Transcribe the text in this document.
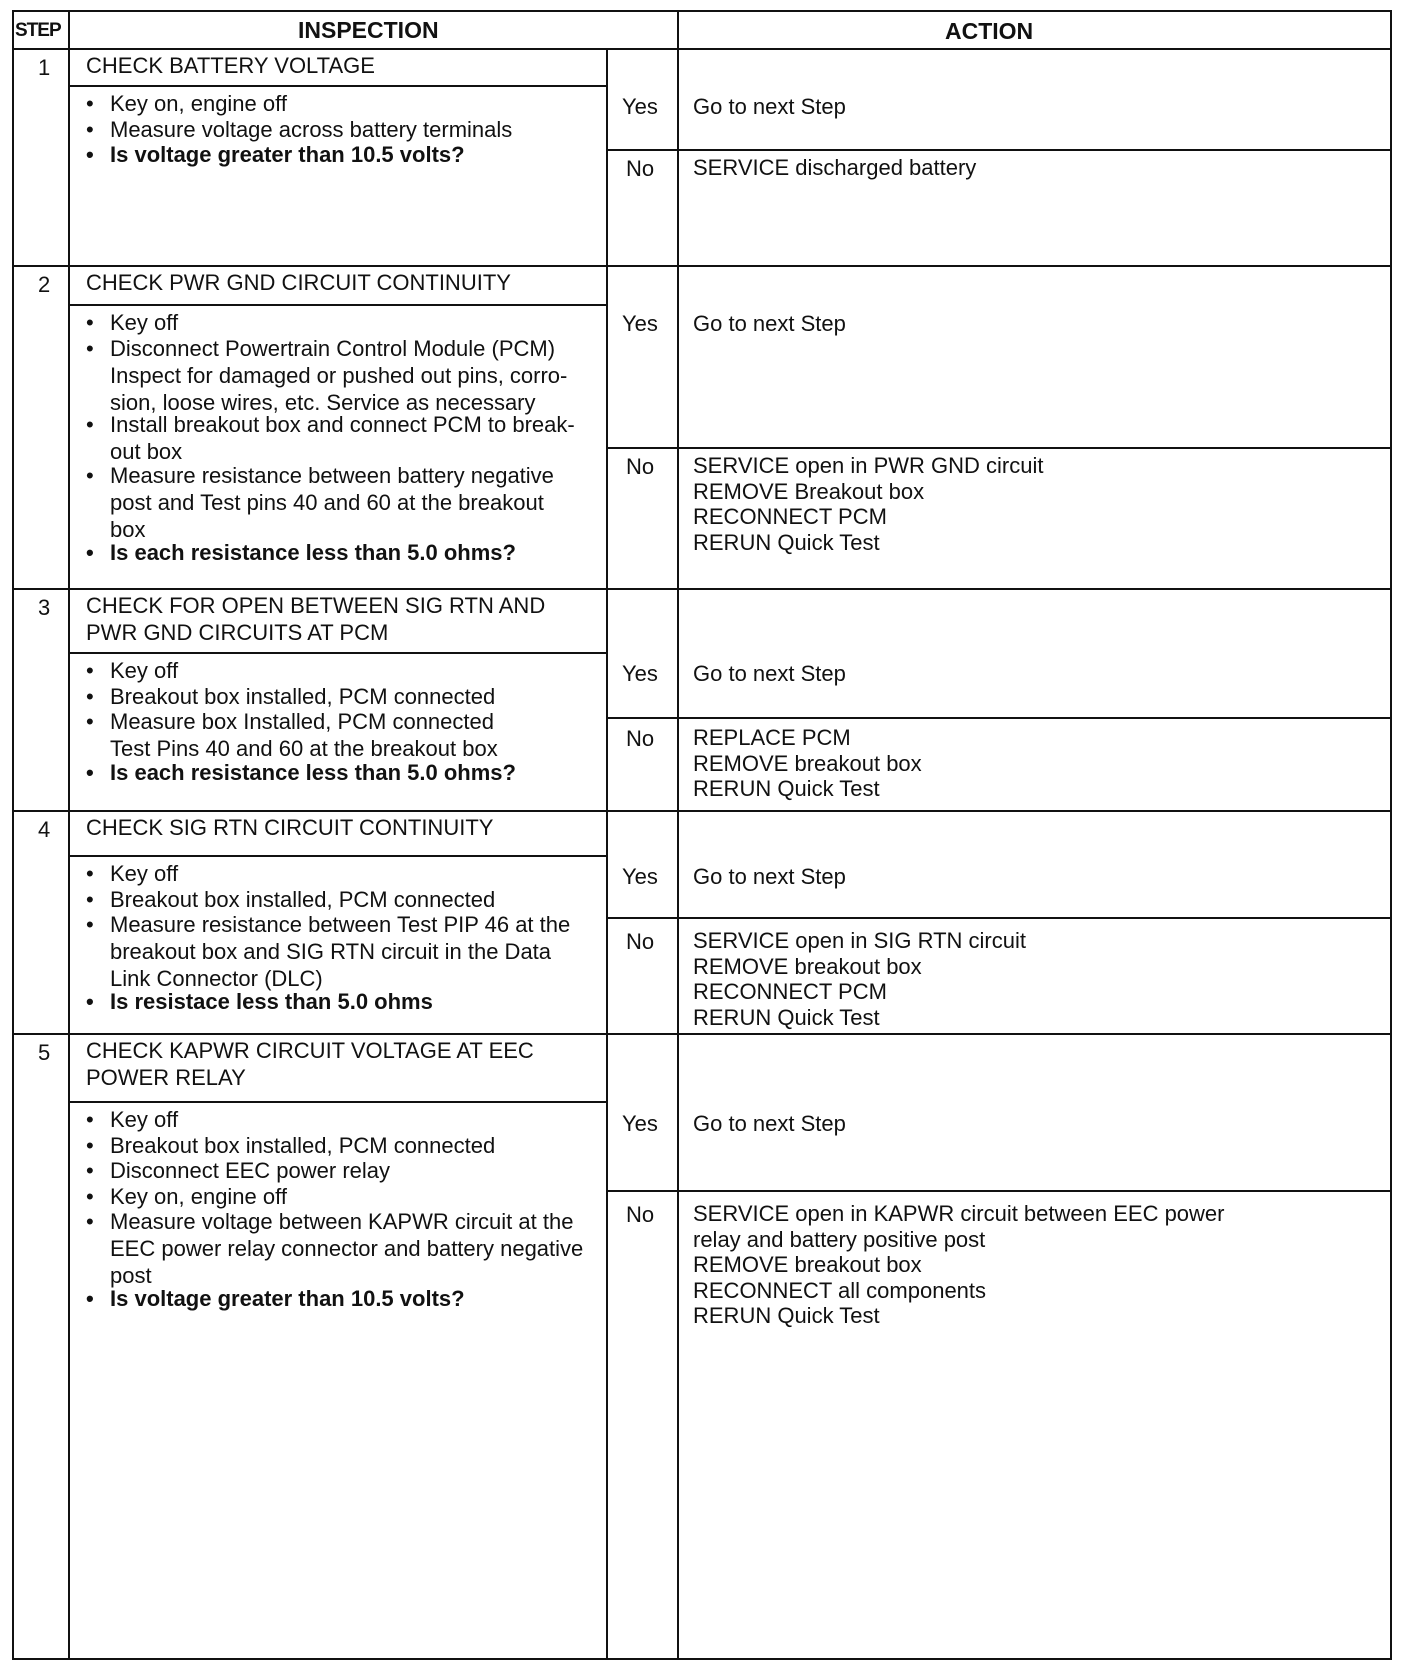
STEP	INSPECTION	ACTION
1 CHECK BATTERY VOLTAGE
• Key on, engine off
• Measure voltage across battery terminals
• Is voltage greater than 10.5 volts?
Yes
No
Go to next Step
SERVICE discharged battery
2 CHECK PWR GND CIRCUIT CONTINUITY
• Key off
• Disconnect Powertrain Control Module (PCM)
Inspect for damaged or pushed out pins, corro-
sion, loose wires, etc. Service as necessary
• Install breakout box and connect PCM to break-
out box
• Measure resistance between battery negative
post and Test pins 40 and 60 at the breakout
box
• Is each resistance less than 5.0 ohms?
Yes
No
Go to next Step
SERVICE open in PWR GND circuit
REMOVE Breakout box
RECONNECT PCM
RERUN Quick Test
3 CHECK FOR OPEN BETWEEN SIG RTN AND
PWR GND CIRCUITS AT PCM
• Key off
• Breakout box installed, PCM connected
• Measure box Installed, PCM connected
Test Pins 40 and 60 at the breakout box
• Is each resistance less than 5.0 ohms?
Yes
No
Go to next Step
REPLACE PCM
REMOVE breakout box
RERUN Quick Test
4 CHECK SIG RTN CIRCUIT CONTINUITY
• Key off
• Breakout box installed, PCM connected
• Measure resistance between Test PIP 46 at the
breakout box and SIG RTN circuit in the Data
Link Connector (DLC)
• Is resistace less than 5.0 ohms
Yes
No
Go to next Step
SERVICE open in SIG RTN circuit
REMOVE breakout box
RECONNECT PCM
RERUN Quick Test
5 CHECK KAPWR CIRCUIT VOLTAGE AT EEC
POWER RELAY
• Key off
• Breakout box installed, PCM connected
• Disconnect EEC power relay
• Key on, engine off
• Measure voltage between KAPWR circuit at the
EEC power relay connector and battery negative
post
• Is voltage greater than 10.5 volts?
Yes
No
Go to next Step
SERVICE open in KAPWR circuit between EEC power
relay and battery positive post
REMOVE breakout box
RECONNECT all components
RERUN Quick Test
